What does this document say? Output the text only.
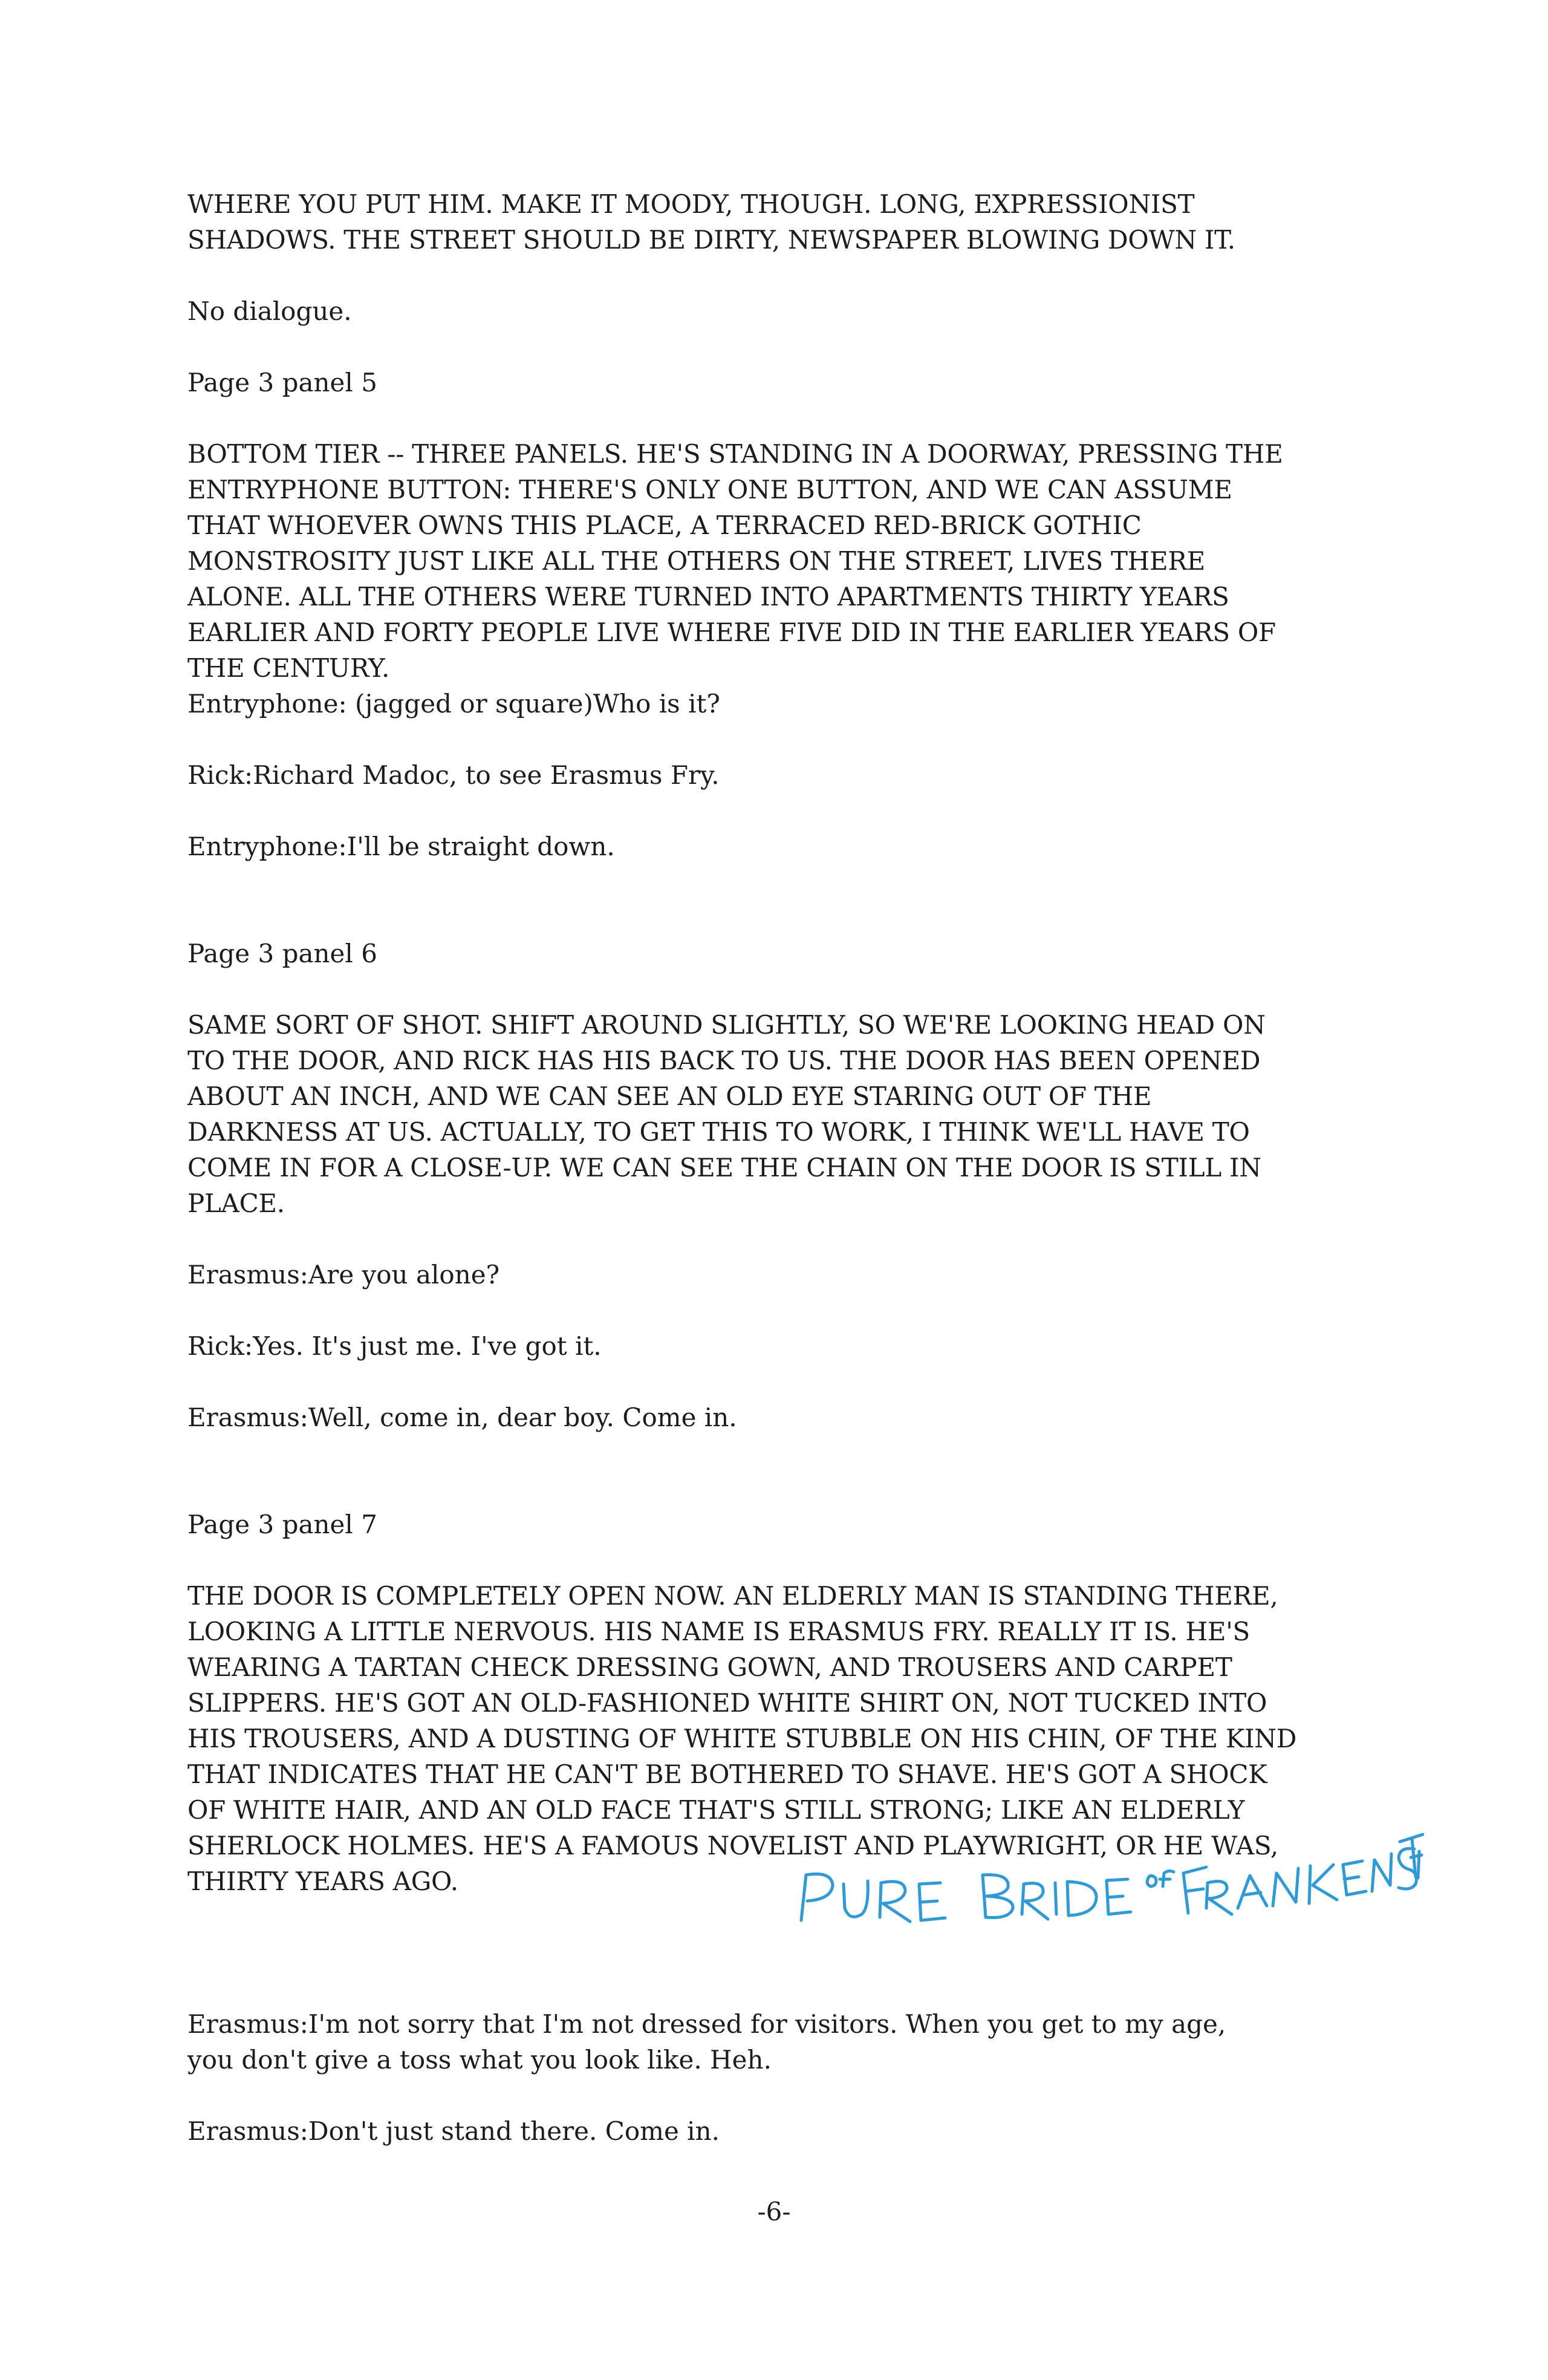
WHERE YOU PUT HIM. MAKE IT MOODY, THOUGH. LONG, EXPRESSIONIST
SHADOWS. THE STREET SHOULD BE DIRTY, NEWSPAPER BLOWING DOWN IT.

No dialogue.

Page 3 panel 5

BOTTOM TIER -- THREE PANELS. HE'S STANDING IN A DOORWAY, PRESSING THE
ENTRYPHONE BUTTON: THERE'S ONLY ONE BUTTON, AND WE CAN ASSUME
THAT WHOEVER OWNS THIS PLACE, A TERRACED RED-BRICK GOTHIC
MONSTROSITY JUST LIKE ALL THE OTHERS ON THE STREET, LIVES THERE
ALONE. ALL THE OTHERS WERE TURNED INTO APARTMENTS THIRTY YEARS
EARLIER AND FORTY PEOPLE LIVE WHERE FIVE DID IN THE EARLIER YEARS OF
THE CENTURY.

Entryphone: (jagged or square)Who is it?

Rick:Richard Madoc, to see Erasmus Fry.

Entryphone:I'll be straight down.

Page 3 panel 6

SAME SORT OF SHOT. SHIFT AROUND SLIGHTLY, SO WE'RE LOOKING HEAD ON
TO THE DOOR, AND RICK HAS HIS BACK TO US. THE DOOR HAS BEEN OPENED
ABOUT AN INCH, AND WE CAN SEE AN OLD EYE STARING OUT OF THE
DARKNESS AT US. ACTUALLY, TO GET THIS TO WORK, I THINK WE'LL HAVE TO
COME IN FOR A CLOSE-UP. WE CAN SEE THE CHAIN ON THE DOOR IS STILL IN
PLACE.

Erasmus:Are you alone?

Rick:Yes. It's just me. I've got it.

Erasmus:Well, come in, dear boy. Come in.

Page 3 panel 7

THE DOOR IS COMPLETELY OPEN NOW. AN ELDERLY MAN IS STANDING THERE,
LOOKING A LITTLE NERVOUS. HIS NAME IS ERASMUS FRY. REALLY IT IS. HE'S
WEARING A TARTAN CHECK DRESSING GOWN, AND TROUSERS AND CARPET
SLIPPERS. HE'S GOT AN OLD-FASHIONED WHITE SHIRT ON, NOT TUCKED INTO
HIS TROUSERS, AND A DUSTING OF WHITE STUBBLE ON HIS CHIN, OF THE KIND
THAT INDICATES THAT HE CAN'T BE BOTHERED TO SHAVE. HE'S GOT A SHOCK
OF WHITE HAIR, AND AN OLD FACE THAT'S STILL STRONG; LIKE AN ELDERLY
SHERLOCK HOLMES. HE'S A FAMOUS NOVELIST AND PLAYWRIGHT, OR HE WAS,
THIRTY YEARS AGO.

Erasmus:I'm not sorry that I'm not dressed for visitors. When you get to my age,
you don't give a toss what you look like. Heh.

Erasmus:Don't just stand there. Come in.

-6-
